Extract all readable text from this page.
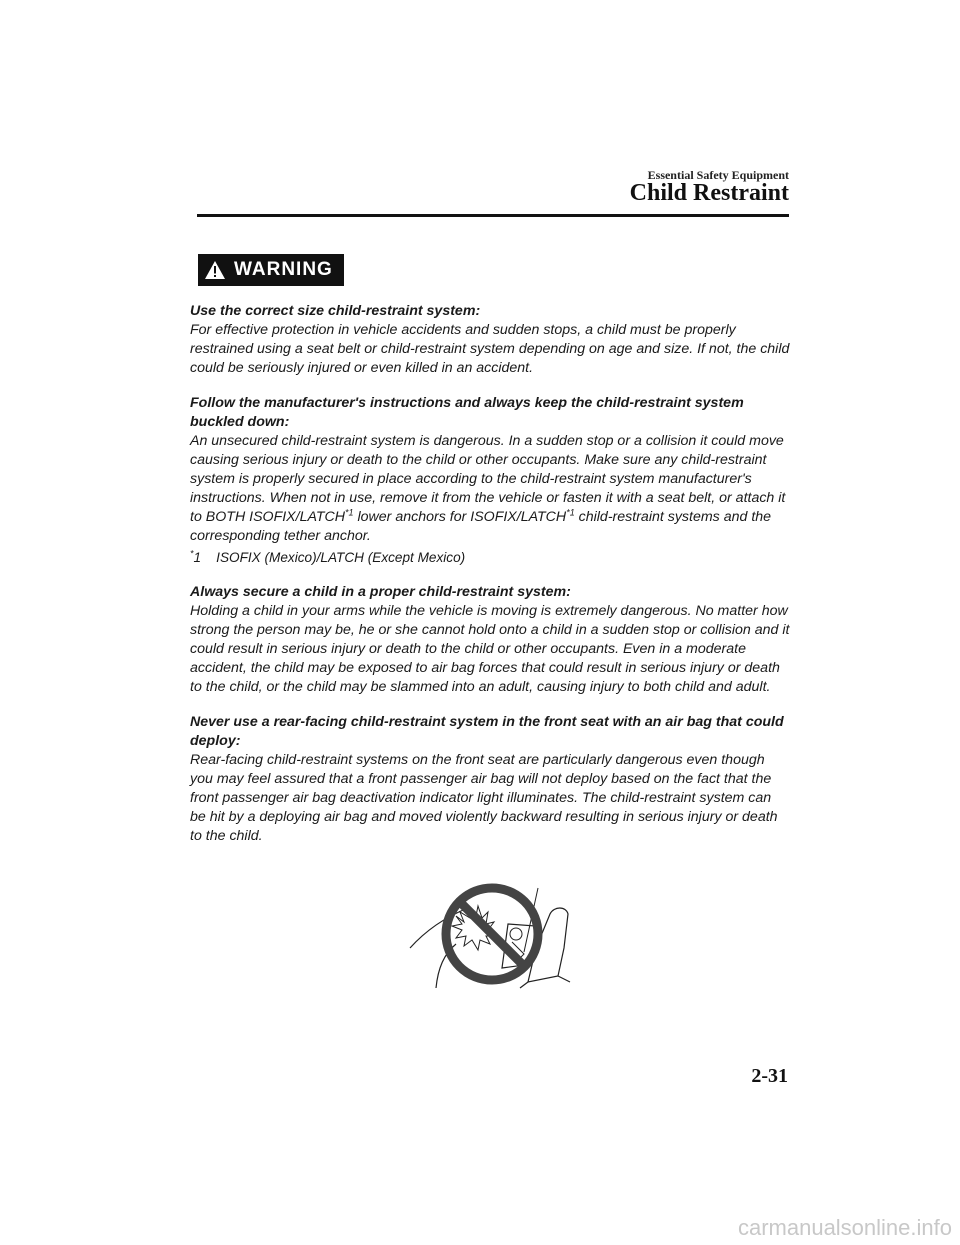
Essential Safety Equipment
Child Restraint
WARNING

Use the correct size child-restraint system:
For effective protection in vehicle accidents and sudden stops, a child must be properly restrained using a seat belt or child-restraint system depending on age and size. If not, the child could be seriously injured or even killed in an accident.

Follow the manufacturer's instructions and always keep the child-restraint system buckled down:
An unsecured child-restraint system is dangerous. In a sudden stop or a collision it could move causing serious injury or death to the child or other occupants. Make sure any child-restraint system is properly secured in place according to the child-restraint system manufacturer's instructions. When not in use, remove it from the vehicle or fasten it with a seat belt, or attach it to BOTH ISOFIX/LATCH$^{*1}$ lower anchors for ISOFIX/LATCH$^{*1}$ child-restraint systems and the corresponding tether anchor.
*1    ISOFIX (Mexico)/LATCH (Except Mexico)

Always secure a child in a proper child-restraint system:
Holding a child in your arms while the vehicle is moving is extremely dangerous. No matter how strong the person may be, he or she cannot hold onto a child in a sudden stop or collision and it could result in serious injury or death to the child or other occupants. Even in a moderate accident, the child may be exposed to air bag forces that could result in serious injury or death to the child, or the child may be slammed into an adult, causing injury to both child and adult.

Never use a rear-facing child-restraint system in the front seat with an air bag that could deploy:
Rear-facing child-restraint systems on the front seat are particularly dangerous even though you may feel assured that a front passenger air bag will not deploy based on the fact that the front passenger air bag deactivation indicator light illuminates. The child-restraint system can be hit by a deploying air bag and moved violently backward resulting in serious injury or death to the child.

2-31
carmanualsonline.info
